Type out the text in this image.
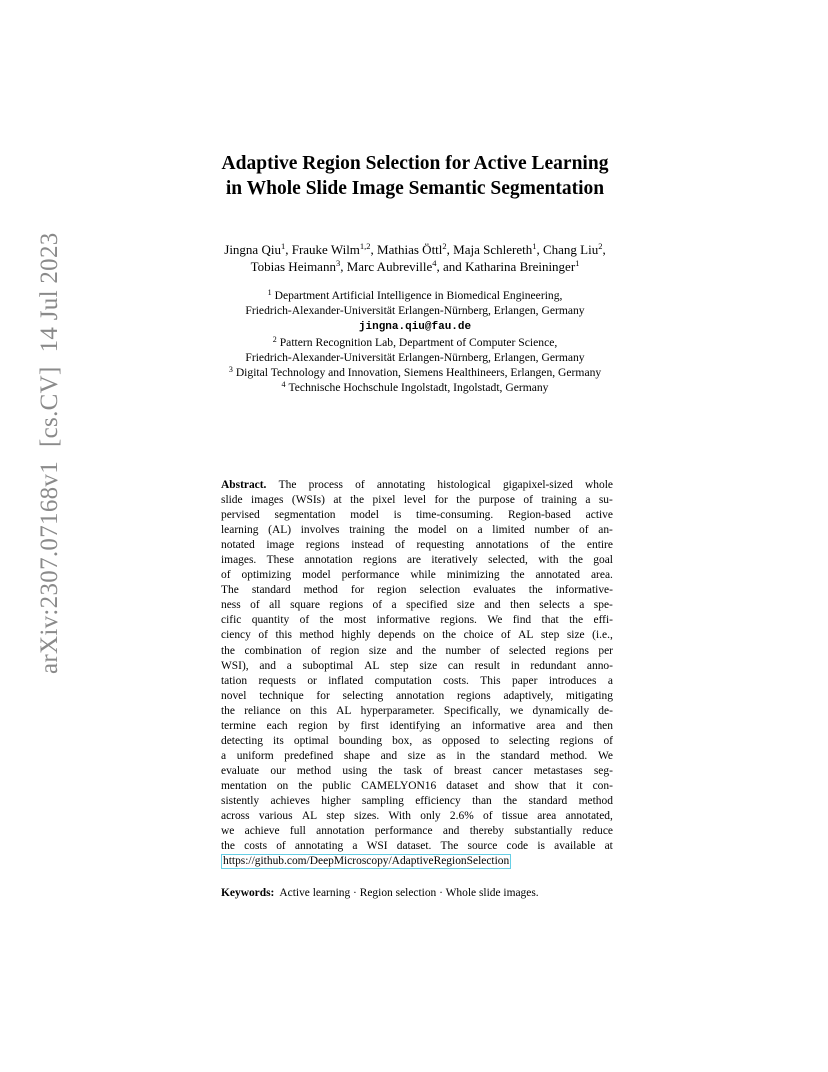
arXiv:2307.07168v1[cs.CV]14 Jul 2023
Adaptive Region Selection for Active Learning
in Whole Slide Image Semantic Segmentation
Jingna Qiu$^1$, Frauke Wilm$^{1,2}$, Mathias Öttl$^2$, Maja Schlereth$^1$, Chang Liu$^2$,
Tobias Heimann$^3$, Marc Aubreville$^4$, and Katharina Breininger$^1$
$^1$ Department Artificial Intelligence in Biomedical Engineering,
Friedrich-Alexander-Universität Erlangen-Nürnberg, Erlangen, Germany
jingna.qiu@fau.de
$^2$ Pattern Recognition Lab, Department of Computer Science,
Friedrich-Alexander-Universität Erlangen-Nürnberg, Erlangen, Germany
$^3$ Digital Technology and Innovation, Siemens Healthineers, Erlangen, Germany
$^4$ Technische Hochschule Ingolstadt, Ingolstadt, Germany
Abstract. The process of annotating histological gigapixel-sized whole
slide images (WSIs) at the pixel level for the purpose of training a su-
pervised segmentation model is time-consuming. Region-based active
learning (AL) involves training the model on a limited number of an-
notated image regions instead of requesting annotations of the entire
images. These annotation regions are iteratively selected, with the goal
of optimizing model performance while minimizing the annotated area.
The standard method for region selection evaluates the informative-
ness of all square regions of a specified size and then selects a spe-
cific quantity of the most informative regions. We find that the effi-
ciency of this method highly depends on the choice of AL step size (i.e.,
the combination of region size and the number of selected regions per
WSI), and a suboptimal AL step size can result in redundant anno-
tation requests or inflated computation costs. This paper introduces a
novel technique for selecting annotation regions adaptively, mitigating
the reliance on this AL hyperparameter. Specifically, we dynamically de-
termine each region by first identifying an informative area and then
detecting its optimal bounding box, as opposed to selecting regions of
a uniform predefined shape and size as in the standard method. We
evaluate our method using the task of breast cancer metastases seg-
mentation on the public CAMELYON16 dataset and show that it con-
sistently achieves higher sampling efficiency than the standard method
across various AL step sizes. With only 2.6% of tissue area annotated,
we achieve full annotation performance and thereby substantially reduce
the costs of annotating a WSI dataset. The source code is available at
https://github.com/DeepMicroscopy/AdaptiveRegionSelection
Keywords: Active learning · Region selection · Whole slide images.
